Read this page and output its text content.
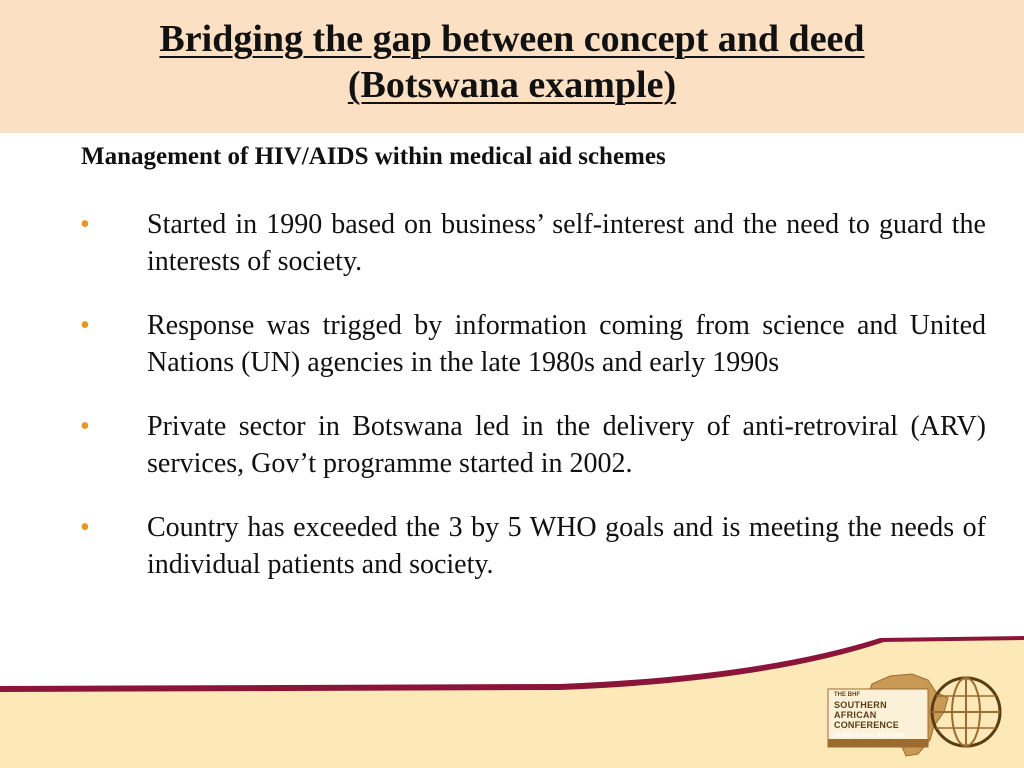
Bridging the gap between concept and deed
(Botswana example)
Management of HIV/AIDS within medical aid schemes
• Started in 1990 based on business’ self-interest and the need to guard the interests of society.
• Response was trigged by information coming from science and United Nations (UN) agencies in the late 1980s and early 1990s
• Private sector in Botswana led in the delivery of anti-retroviral (ARV) services, Gov’t programme started in 2002.
• Country has exceeded the 3 by 5 WHO goals and is meeting the needs of individual patients and society.
THE BHF
SOUTHERN
AFRICAN
CONFERENCE
DURBAN 9-12 JULY 2006
